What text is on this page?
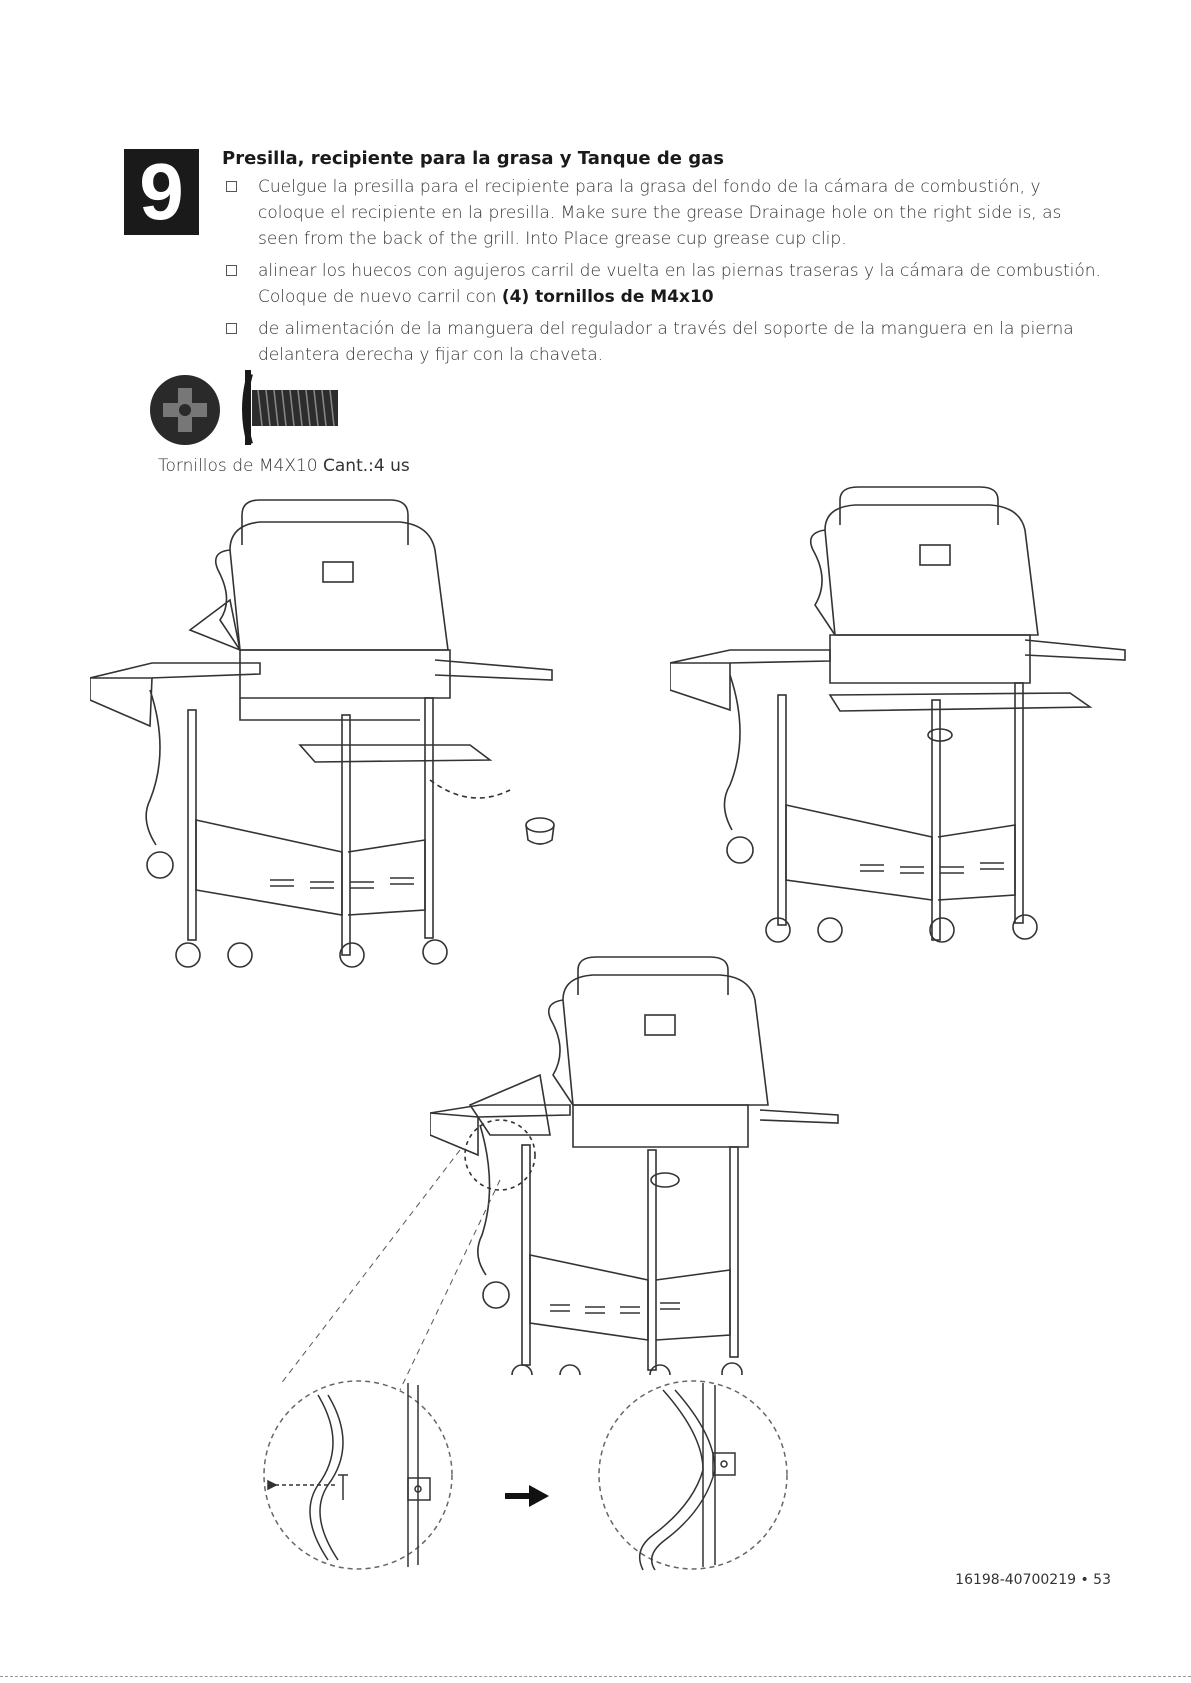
9	Presilla, recipiente para la grasa y Tanque de gas
Cuelgue la presilla para el recipiente para la grasa del fondo de la cámara de combustión, y coloque el recipiente en la presilla. Make sure the grease Drainage hole on the right side is, as seen from the back of the grill. Into Place grease cup grease cup clip.
alinear los huecos con agujeros carril de vuelta en las piernas traseras y la cámara de combustión. Coloque de nuevo carril con (4) tornillos de M4x10
de alimentación de la manguera del regulador a través del soporte de la manguera en la pierna delantera derecha y fijar con la chaveta.
Tornillos de M4X10 Cant.:4 us
16198-40700219 • 53
